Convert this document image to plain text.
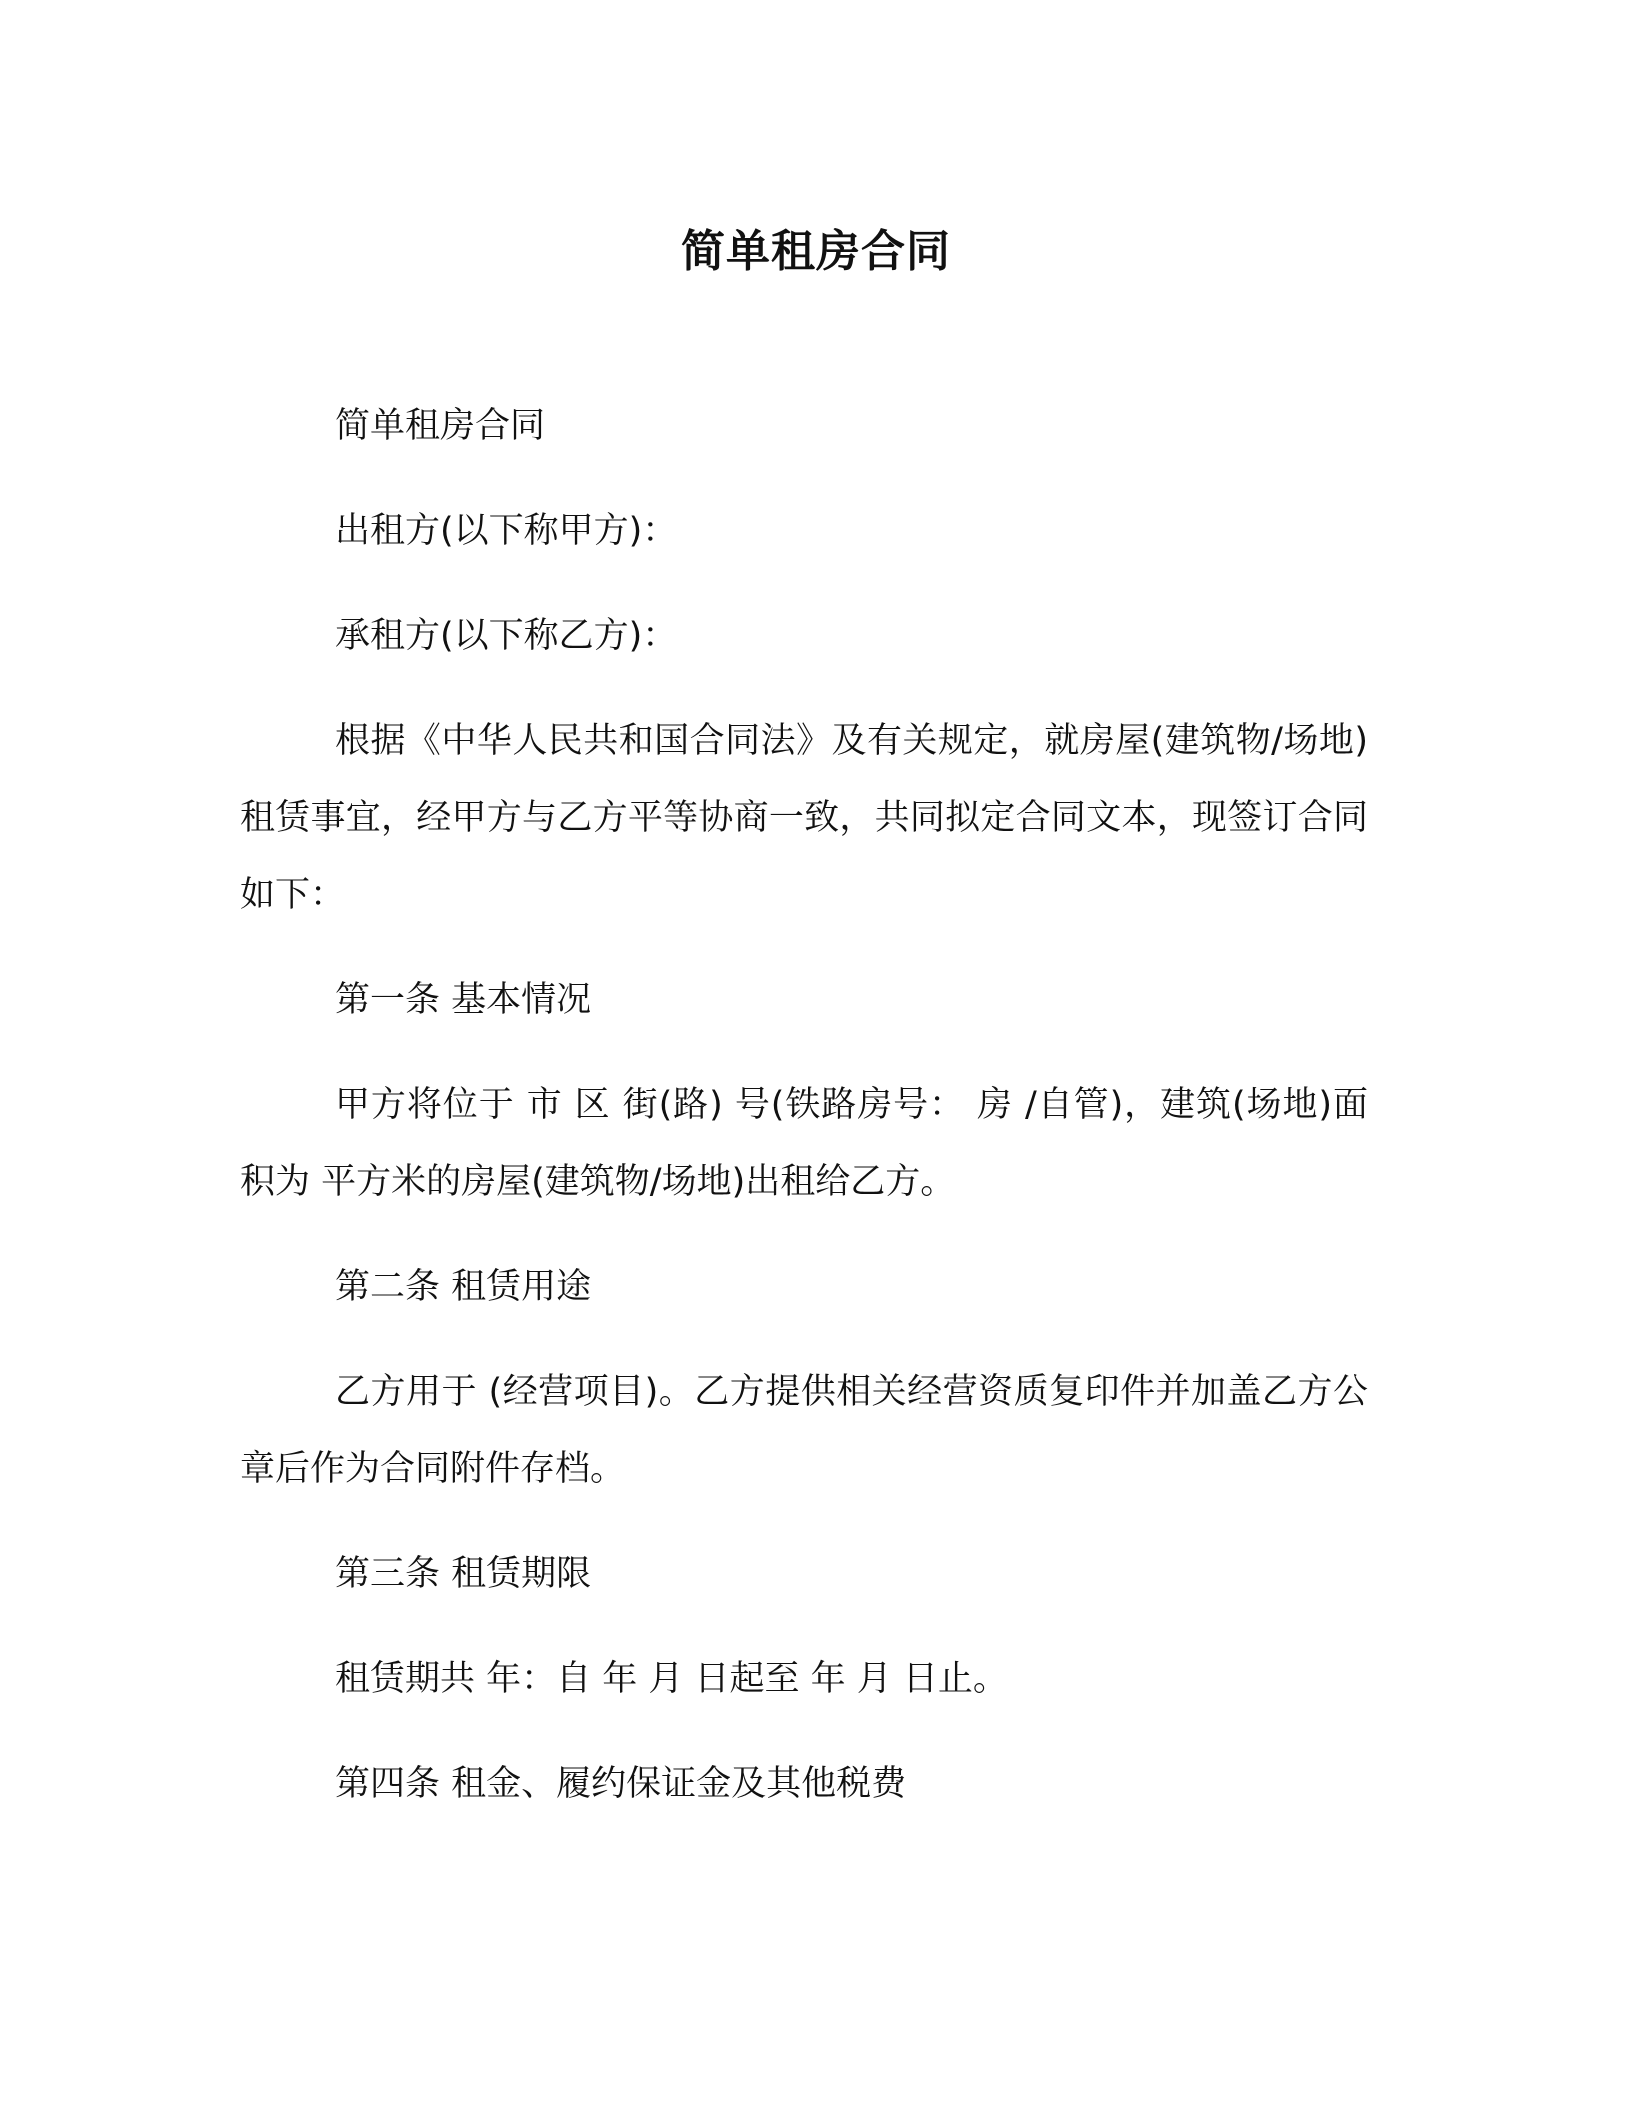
简单租房合同

简单租房合同

出租方(以下称甲方)：

承租方(以下称乙方)：

根据《中华人民共和国合同法》及有关规定，就房屋(建筑物/场地)租赁事宜，经甲方与乙方平等协商一致，共同拟定合同文本，现签订合同如下：

第一条 基本情况

甲方将位于 市 区 街(路) 号(铁路房号： 房 /自管)，建筑(场地)面积为 平方米的房屋(建筑物/场地)出租给乙方。

第二条 租赁用途

乙方用于 (经营项目)。乙方提供相关经营资质复印件并加盖乙方公章后作为合同附件存档。

第三条 租赁期限

租赁期共 年：自 年 月 日起至 年 月 日止。

第四条 租金、履约保证金及其他税费
